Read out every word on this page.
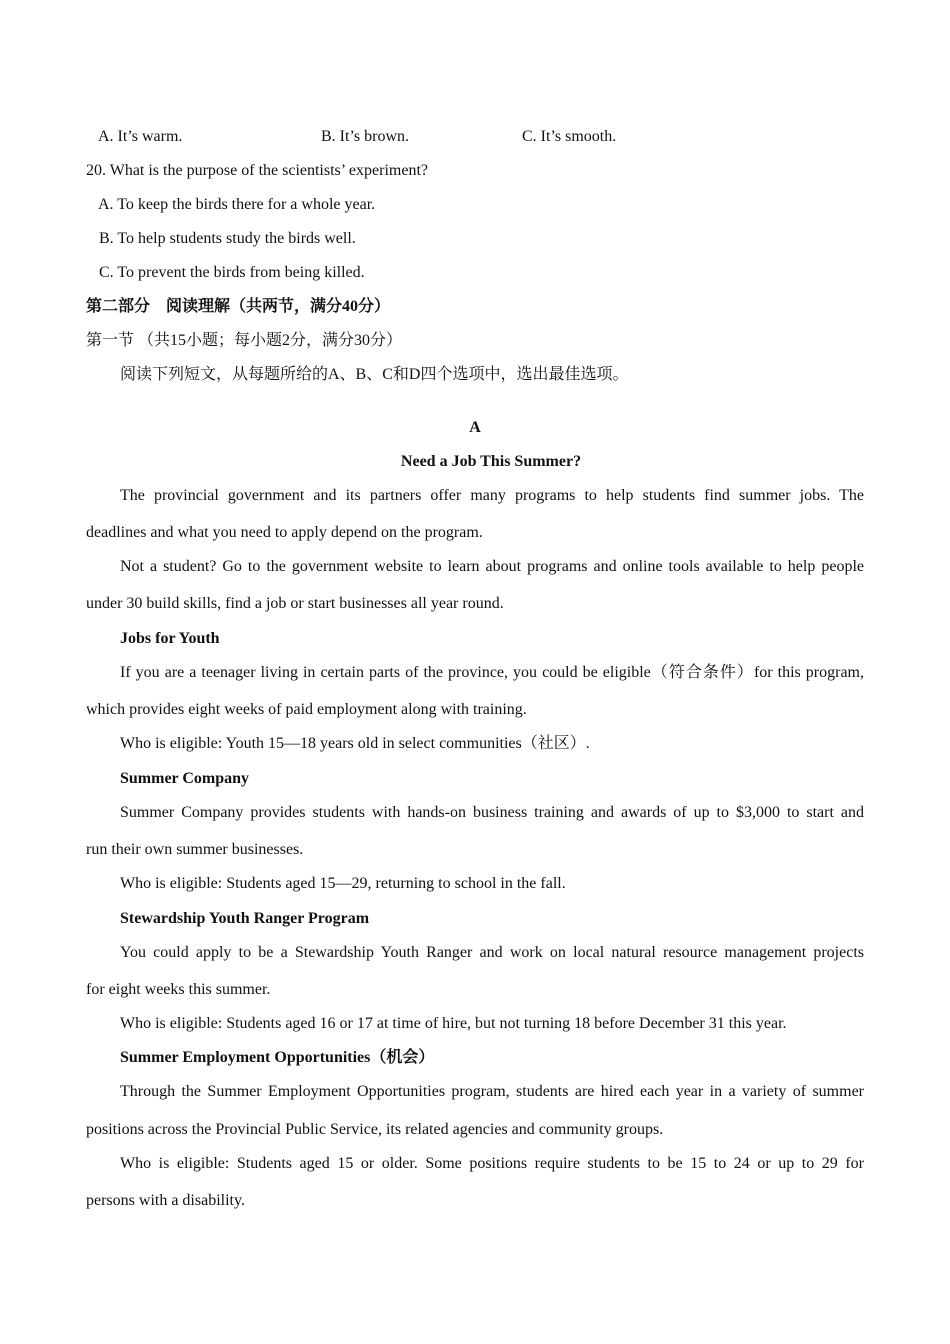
A. It’s warm.	B. It’s brown.	C. It’s smooth.
20. What is the purpose of the scientists’ experiment?
A. To keep the birds there for a whole year.
B. To help students study the birds well.
C. To prevent the birds from being killed.
第二部分　阅读理解（共两节，满分40分）
第一节 （共15小题；每小题2分，满分30分）
阅读下列短文，从每题所给的A、B、C和D四个选项中，选出最佳选项。
A
Need a Job This Summer?
The provincial government and its partners offer many programs to help students find summer jobs. The
deadlines and what you need to apply depend on the program.
Not a student? Go to the government website to learn about programs and online tools available to help people
under 30 build skills, find a job or start businesses all year round.
Jobs for Youth
If you are a teenager living in certain parts of the province, you could be eligible（符合条件）for this program,
which provides eight weeks of paid employment along with training.
Who is eligible: Youth 15—18 years old in select communities（社区）.
Summer Company
Summer Company provides students with hands-on business training and awards of up to $3,000 to start and
run their own summer businesses.
Who is eligible: Students aged 15—29, returning to school in the fall.
Stewardship Youth Ranger Program
You could apply to be a Stewardship Youth Ranger and work on local natural resource management projects
for eight weeks this summer.
Who is eligible: Students aged 16 or 17 at time of hire, but not turning 18 before December 31 this year.
Summer Employment Opportunities（机会）
Through the Summer Employment Opportunities program, students are hired each year in a variety of summer
positions across the Provincial Public Service, its related agencies and community groups.
Who is eligible: Students aged 15 or older. Some positions require students to be 15 to 24 or up to 29 for
persons with a disability.
